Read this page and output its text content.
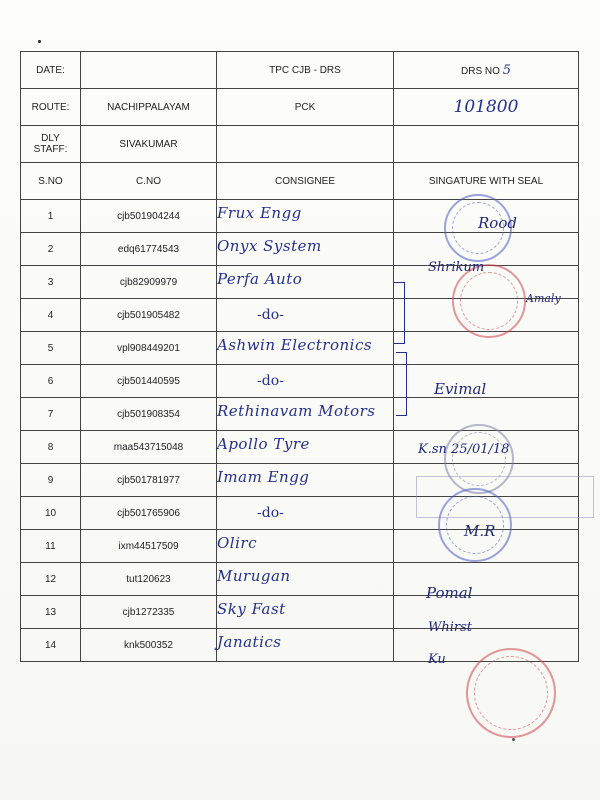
DATE:		TPC CJB - DRS	DRS NO 5
ROUTE:	NACHIPPALAYAM	PCK	101800
DLY STAFF:	SIVAKUMAR		
S.NO	C.NO	CONSIGNEE	SINGATURE WITH SEAL
1	cjb501904244	Frux Engg	

2	edq61774543	Onyx System	

3	cjb82909979	Perfa Auto	

4	cjb501905482	-do-	

5	vpl908449201	Ashwin Electronics	

6	cjb501440595	-do-	

7	cjb501908354	Rethinavam Motors	

8	maa543715048	Apollo Tyre	

9	cjb501781977	Imam Engg	

10	cjb501765906	-do-	

11	ixm44517509	Olirc	

12	tut120623	Murugan	

13	cjb1272335	Sky Fast	

14	knk500352	Janatics	

Rood
Shrikum
Amaly
Evimal
K.sn 25/01/18
M.R
Pomal
Whirst
Ku
